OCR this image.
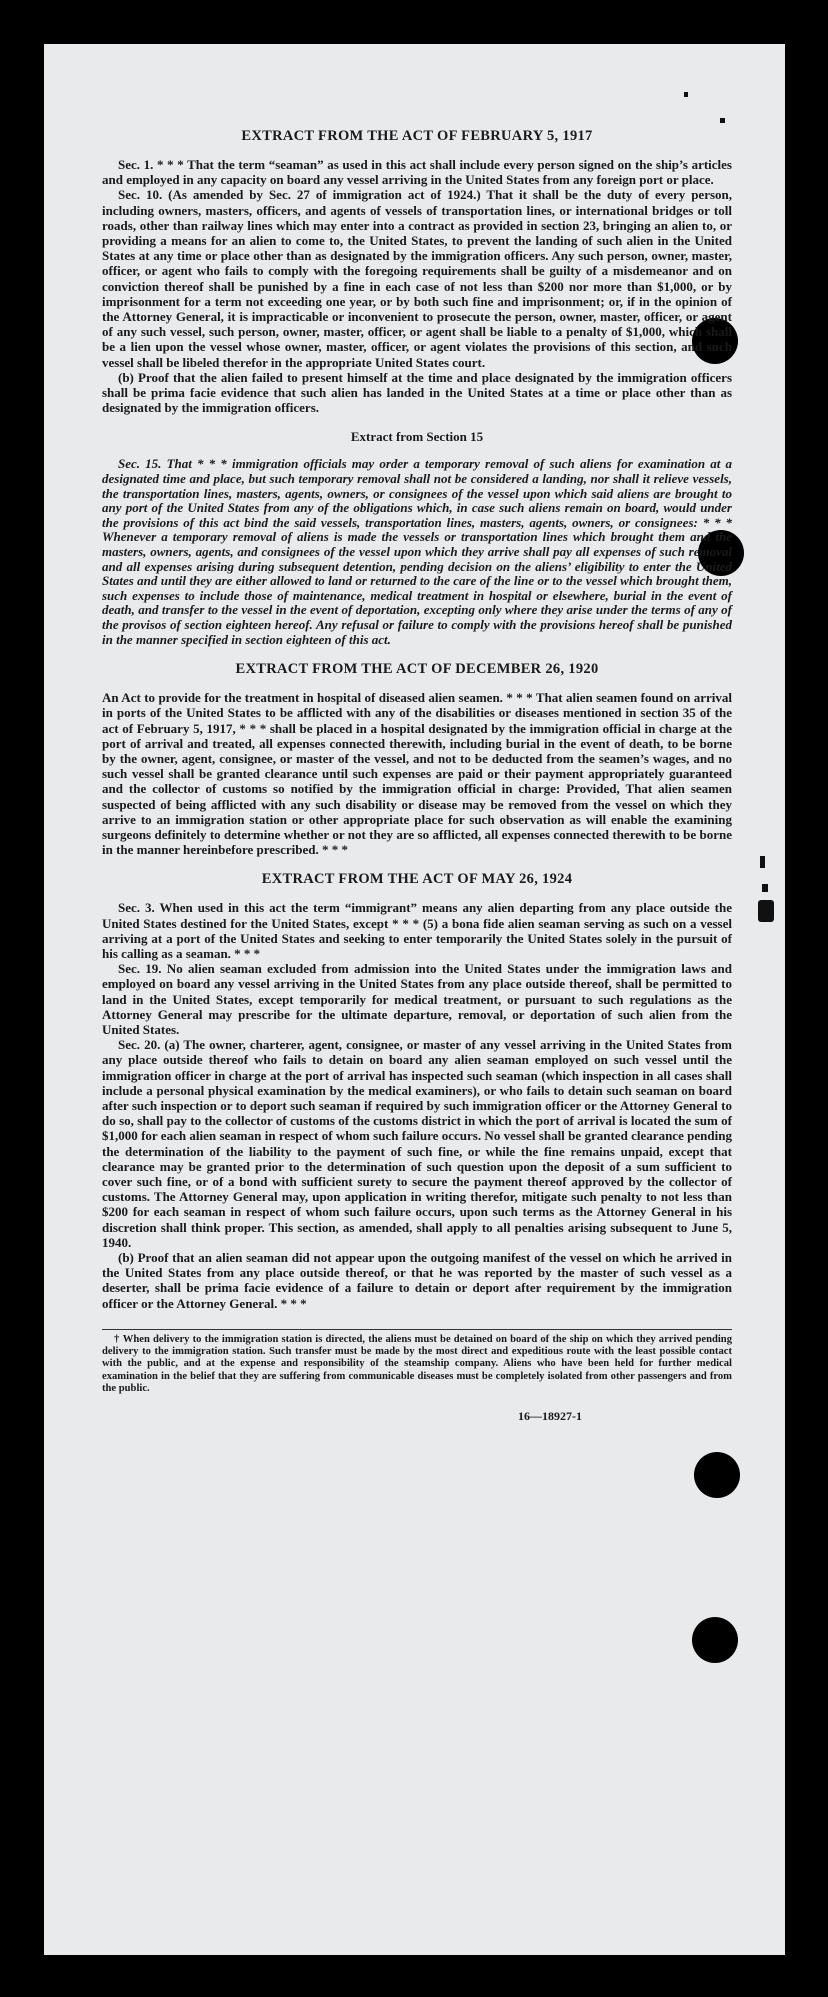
EXTRACT FROM THE ACT OF FEBRUARY 5, 1917

Sec. 1. * * * That the term “seaman” as used in this act shall include every person signed on the ship’s articles and employed in any capacity on board any vessel arriving in the United States from any foreign port or place.

Sec. 10. (As amended by Sec. 27 of immigration act of 1924.) That it shall be the duty of every person, including owners, masters, officers, and agents of vessels of transportation lines, or international bridges or toll roads, other than railway lines which may enter into a contract as provided in section 23, bringing an alien to, or providing a means for an alien to come to, the United States, to prevent the landing of such alien in the United States at any time or place other than as designated by the immigration officers. Any such person, owner, master, officer, or agent who fails to comply with the foregoing requirements shall be guilty of a misdemeanor and on conviction thereof shall be punished by a fine in each case of not less than $200 nor more than $1,000, or by imprisonment for a term not exceeding one year, or by both such fine and imprisonment; or, if in the opinion of the Attorney General, it is impracticable or inconvenient to prosecute the person, owner, master, officer, or agent of any such vessel, such person, owner, master, officer, or agent shall be liable to a penalty of $1,000, which shall be a lien upon the vessel whose owner, master, officer, or agent violates the provisions of this section, and such vessel shall be libeled therefor in the appropriate United States court.

(b) Proof that the alien failed to present himself at the time and place designated by the immigration officers shall be prima facie evidence that such alien has landed in the United States at a time or place other than as designated by the immigration officers.

Extract from Section 15

Sec. 15. That * * * immigration officials may order a temporary removal of such aliens for examination at a designated time and place, but such temporary removal shall not be considered a landing, nor shall it relieve vessels, the transportation lines, masters, agents, owners, or consignees of the vessel upon which said aliens are brought to any port of the United States from any of the obligations which, in case such aliens remain on board, would under the provisions of this act bind the said vessels, transportation lines, masters, agents, owners, or consignees: * * * Whenever a temporary removal of aliens is made the vessels or transportation lines which brought them and the masters, owners, agents, and consignees of the vessel upon which they arrive shall pay all expenses of such removal and all expenses arising during subsequent detention, pending decision on the aliens’ eligibility to enter the United States and until they are either allowed to land or returned to the care of the line or to the vessel which brought them, such expenses to include those of maintenance, medical treatment in hospital or elsewhere, burial in the event of death, and transfer to the vessel in the event of deportation, excepting only where they arise under the terms of any of the provisos of section eighteen hereof. Any refusal or failure to comply with the provisions hereof shall be punished in the manner specified in section eighteen of this act.

EXTRACT FROM THE ACT OF DECEMBER 26, 1920

An Act to provide for the treatment in hospital of diseased alien seamen. * * * That alien seamen found on arrival in ports of the United States to be afflicted with any of the disabilities or diseases mentioned in section 35 of the act of February 5, 1917, * * * shall be placed in a hospital designated by the immigration official in charge at the port of arrival and treated, all expenses connected therewith, including burial in the event of death, to be borne by the owner, agent, consignee, or master of the vessel, and not to be deducted from the seamen’s wages, and no such vessel shall be granted clearance until such expenses are paid or their payment appropriately guaranteed and the collector of customs so notified by the immigration official in charge: Provided, That alien seamen suspected of being afflicted with any such disability or disease may be removed from the vessel on which they arrive to an immigration station or other appropriate place for such observation as will enable the examining surgeons definitely to determine whether or not they are so afflicted, all expenses connected therewith to be borne in the manner hereinbefore prescribed. * * *

EXTRACT FROM THE ACT OF MAY 26, 1924

Sec. 3. When used in this act the term “immigrant” means any alien departing from any place outside the United States destined for the United States, except * * * (5) a bona fide alien seaman serving as such on a vessel arriving at a port of the United States and seeking to enter temporarily the United States solely in the pursuit of his calling as a seaman. * * *

Sec. 19. No alien seaman excluded from admission into the United States under the immigration laws and employed on board any vessel arriving in the United States from any place outside thereof, shall be permitted to land in the United States, except temporarily for medical treatment, or pursuant to such regulations as the Attorney General may prescribe for the ultimate departure, removal, or deportation of such alien from the United States.

Sec. 20. (a) The owner, charterer, agent, consignee, or master of any vessel arriving in the United States from any place outside thereof who fails to detain on board any alien seaman employed on such vessel until the immigration officer in charge at the port of arrival has inspected such seaman (which inspection in all cases shall include a personal physical examination by the medical examiners), or who fails to detain such seaman on board after such inspection or to deport such seaman if required by such immigration officer or the Attorney General to do so, shall pay to the collector of customs of the customs district in which the port of arrival is located the sum of $1,000 for each alien seaman in respect of whom such failure occurs. No vessel shall be granted clearance pending the determination of the liability to the payment of such fine, or while the fine remains unpaid, except that clearance may be granted prior to the determination of such question upon the deposit of a sum sufficient to cover such fine, or of a bond with sufficient surety to secure the payment thereof approved by the collector of customs. The Attorney General may, upon application in writing therefor, mitigate such penalty to not less than $200 for each seaman in respect of whom such failure occurs, upon such terms as the Attorney General in his discretion shall think proper. This section, as amended, shall apply to all penalties arising subsequent to June 5, 1940.

(b) Proof that an alien seaman did not appear upon the outgoing manifest of the vessel on which he arrived in the United States from any place outside thereof, or that he was reported by the master of such vessel as a deserter, shall be prima facie evidence of a failure to detain or deport after requirement by the immigration officer or the Attorney General. * * *

† When delivery to the immigration station is directed, the aliens must be detained on board of the ship on which they arrived pending delivery to the immigration station. Such transfer must be made by the most direct and expeditious route with the least possible contact with the public, and at the expense and responsibility of the steamship company. Aliens who have been held for further medical examination in the belief that they are suffering from communicable diseases must be completely isolated from other passengers and from the public.

16—18927-1
